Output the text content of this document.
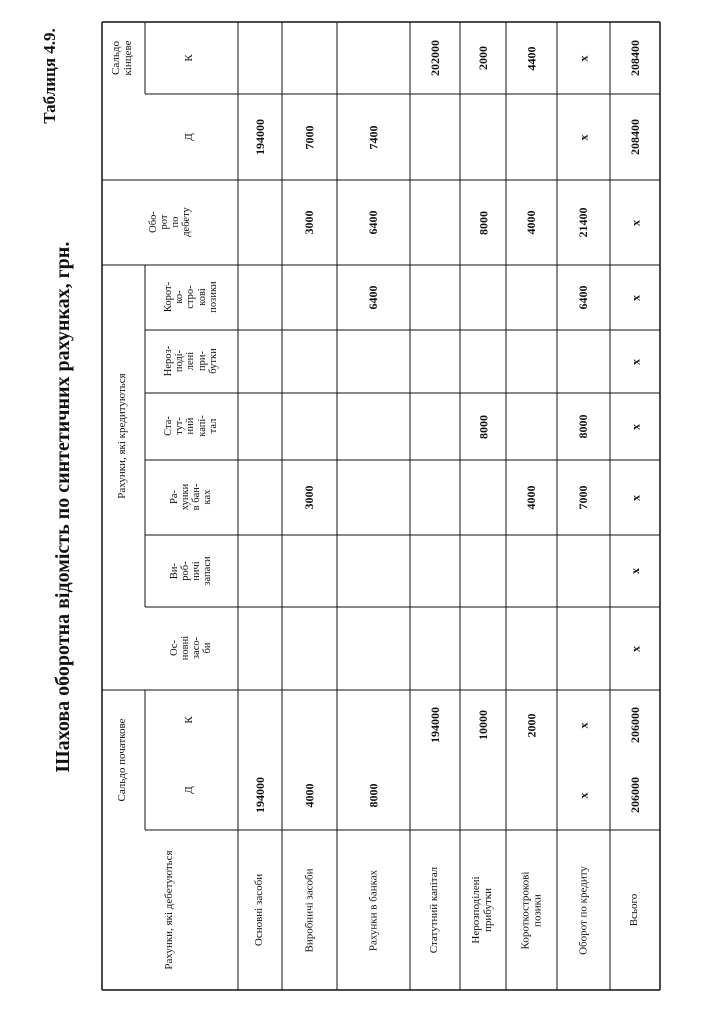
Таблиця 4.9.
Шахова оборотна відомість по синтетичних рахунках, грн.
Рахунки, які дебетуються
Сальдо початкове	Д
К
Рахунки, які кредитуються
Ос-
новні
засо-
би
Ви-
роб-
ничі
запаси
Ра-
хунки
в бан-
ках
Ста-
тут-
ний
капі-
тал
Нероз-
поді-
лені
при-
бутки
Корот-
ко-
стро-
кові
позики
Обо-
рот
по
дебету
Сальдо кінцеве
Д
К
Основні засоби
194000
194000
Виробничі засоби
4000
3000
3000
7000
Рахунки в банках
8000
6400
6400
7400
Статутний капітал
194000
202000
Нерозподілені
прибутки
10000
8000
8000
2000
Короткострокові
позики
2000
4000
4000
4400
Оборот по кредиту
x
x
7000
8000
6400
21400
x
x
Всього
206000
206000
x
x
x
x
x
x
x
208400
208400
